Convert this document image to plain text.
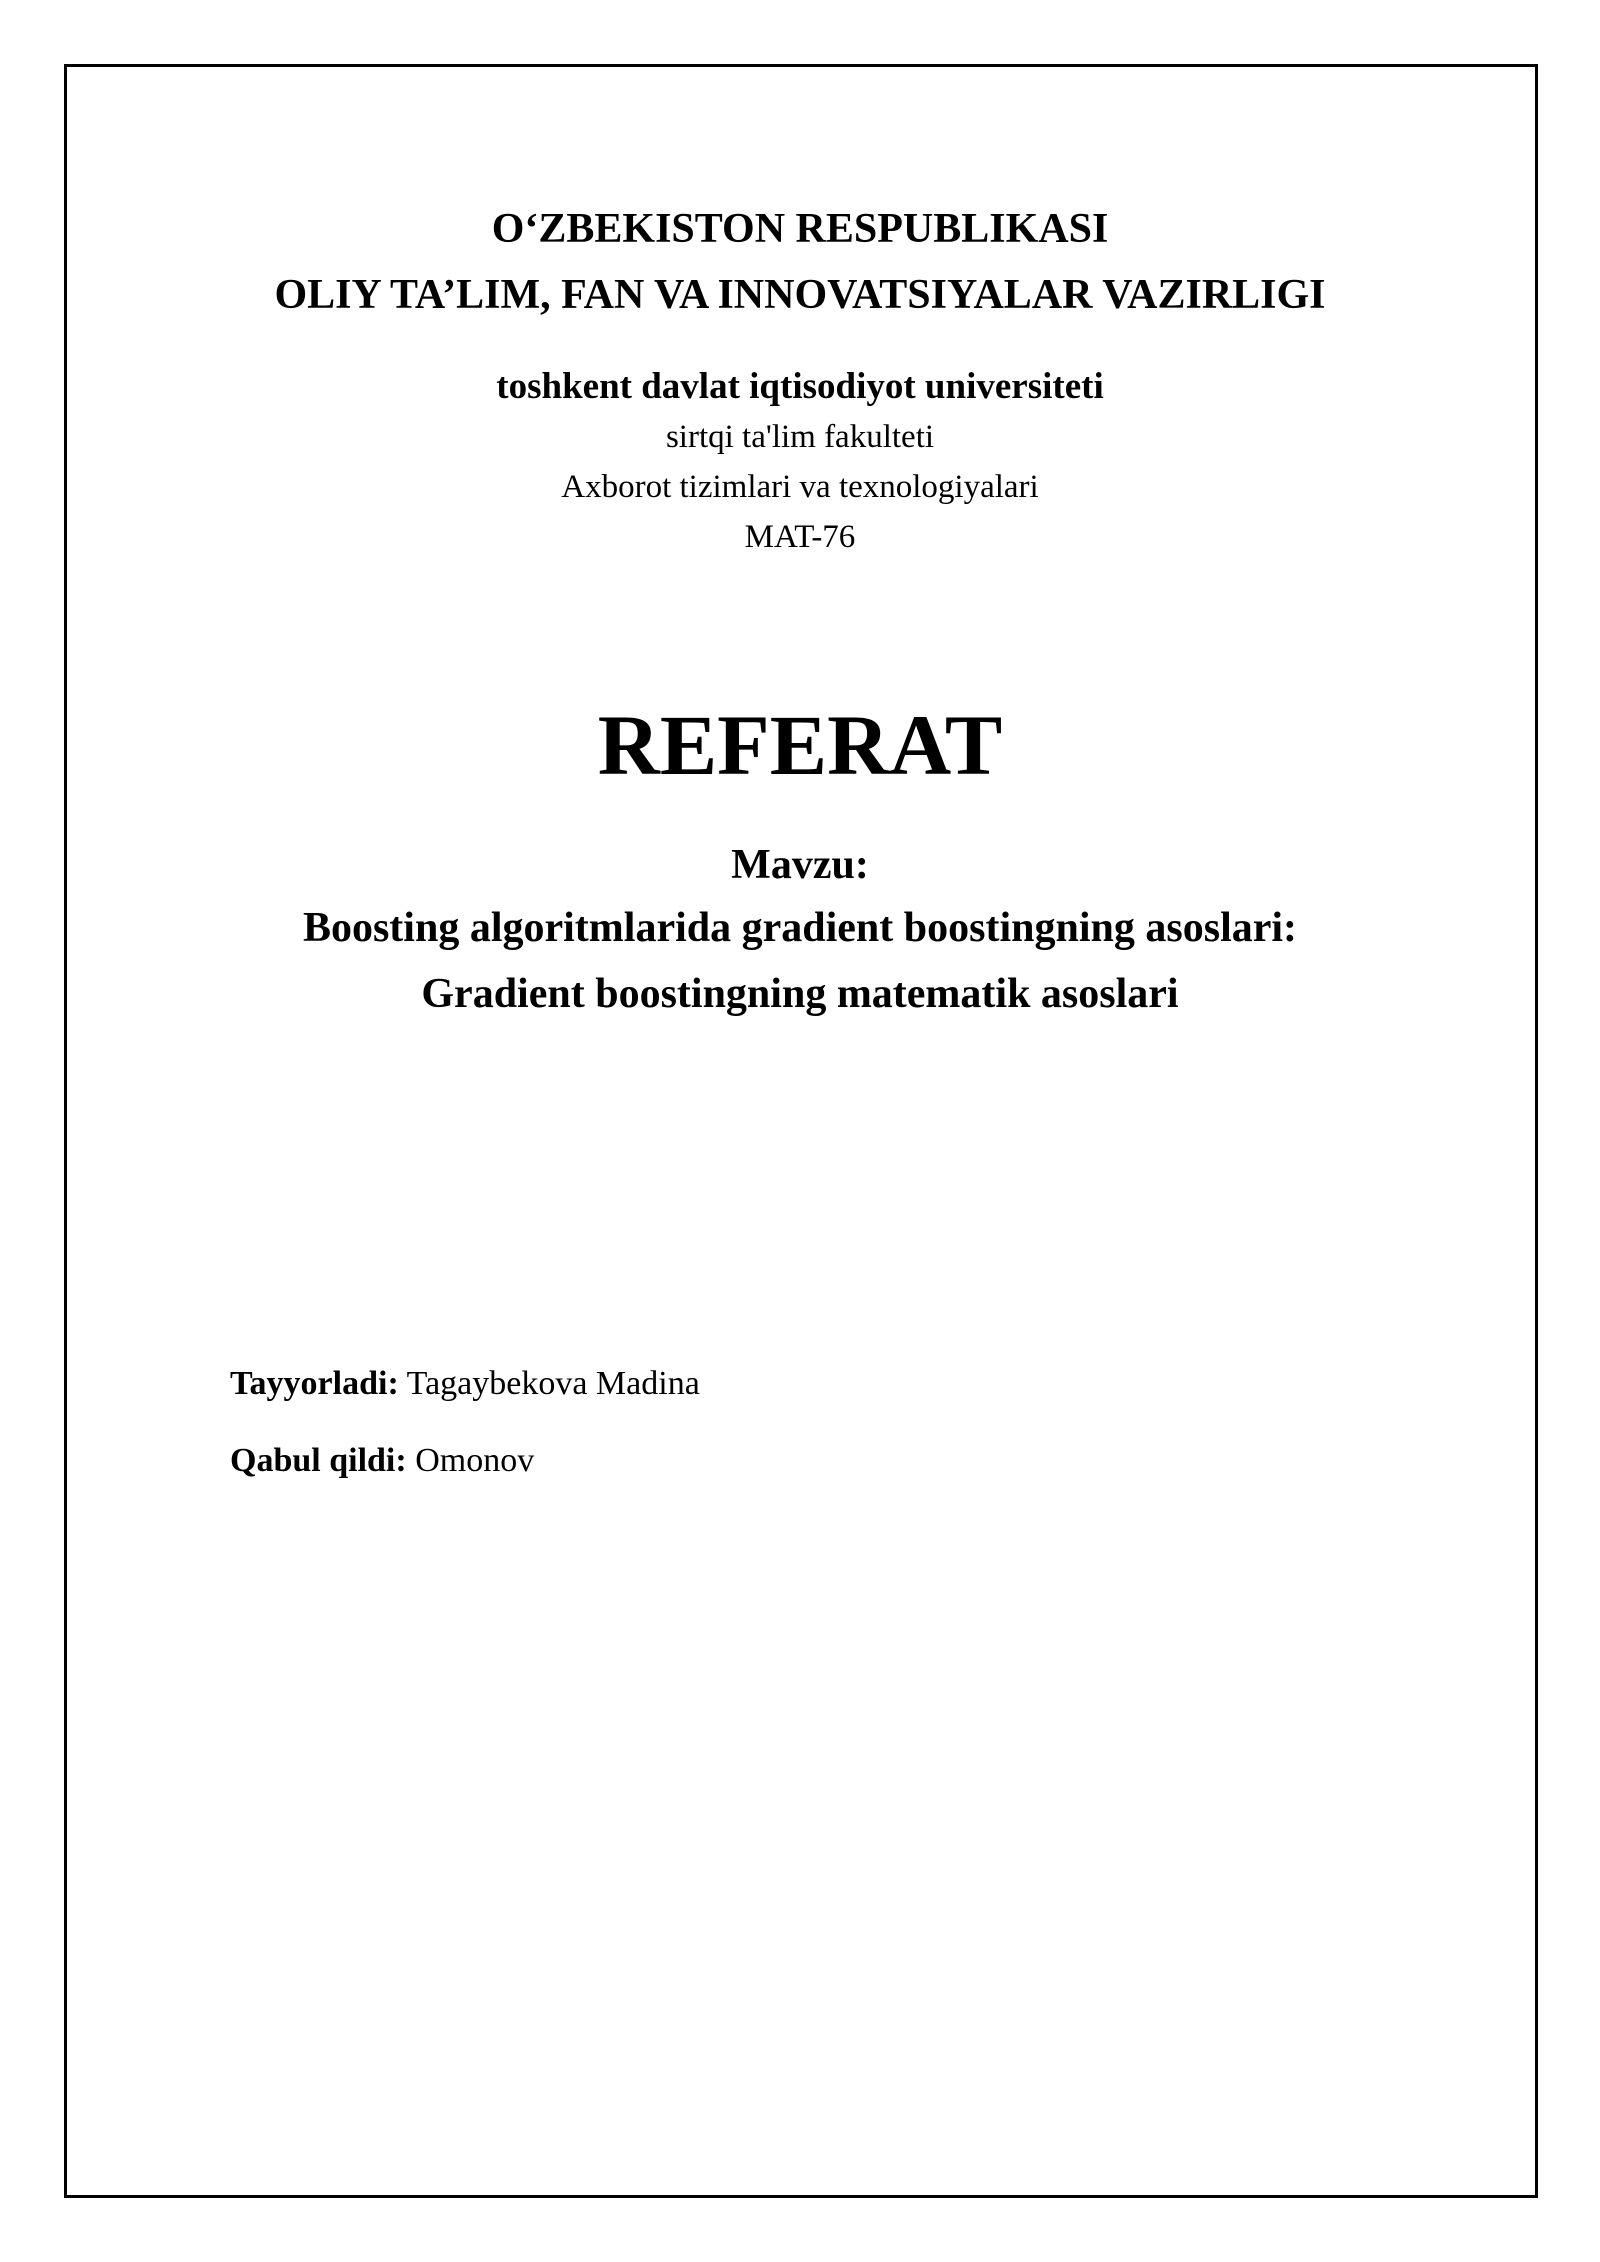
O‘ZBEKISTON RESPUBLIKASI
OLIY TA’LIM, FAN VA INNOVATSIYALAR VAZIRLIGI
toshkent davlat iqtisodiyot universiteti
sirtqi ta'lim fakulteti
Axborot tizimlari va texnologiyalari
MAT-76
REFERAT
Mavzu:
Boosting algoritmlarida gradient boostingning asoslari:
Gradient boostingning matematik asoslari
Tayyorladi: Tagaybekova Madina
Qabul qildi: Omonov
